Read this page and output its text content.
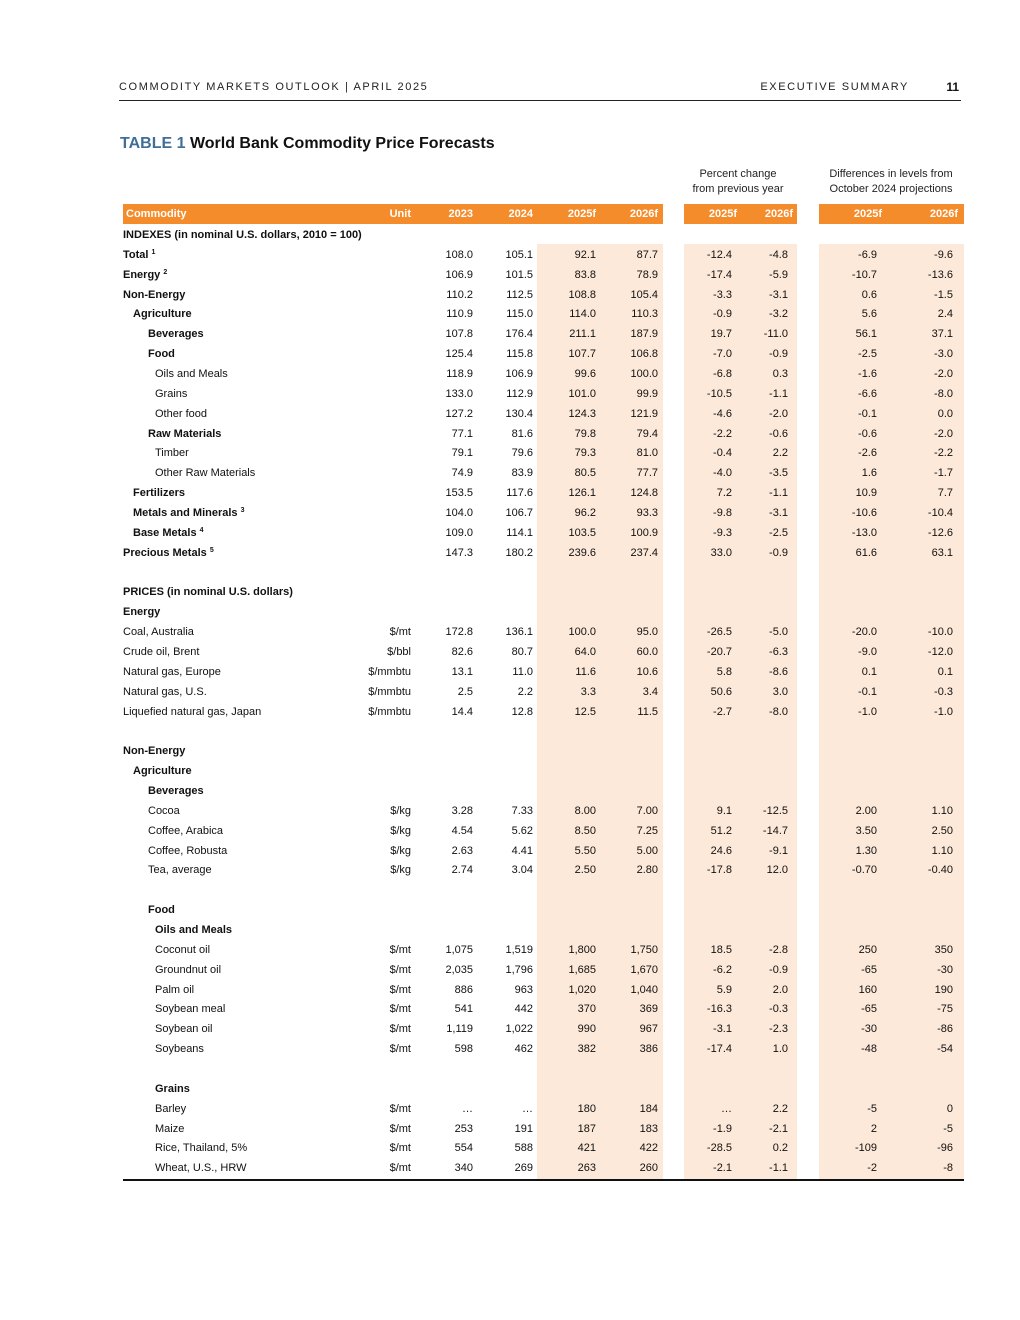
COMMODITY MARKETS OUTLOOK | APRIL 2025	EXECUTIVE SUMMARY	11
TABLE 1 World Bank Commodity Price Forecasts
Percent change
from previous year
Differences in levels from
October 2024 projections
Commodity	Unit	2023	2024	2025f	2026f	2025f	2026f	2025f	2026f
INDEXES (in nominal U.S. dollars, 2010 = 100)										
Total $^1$		108.0	105.1	92.1	87.7	-12.4	-4.8	-6.9	-9.6	
Energy $^2$		106.9	101.5	83.8	78.9	-17.4	-5.9	-10.7	-13.6	
Non-Energy		110.2	112.5	108.8	105.4	-3.3	-3.1	0.6	-1.5	
Agriculture		110.9	115.0	114.0	110.3	-0.9	-3.2	5.6	2.4	
Beverages		107.8	176.4	211.1	187.9	19.7	-11.0	56.1	37.1	
Food		125.4	115.8	107.7	106.8	-7.0	-0.9	-2.5	-3.0	
Oils and Meals		118.9	106.9	99.6	100.0	-6.8	0.3	-1.6	-2.0	
Grains		133.0	112.9	101.0	99.9	-10.5	-1.1	-6.6	-8.0	
Other food		127.2	130.4	124.3	121.9	-4.6	-2.0	-0.1	0.0	
Raw Materials		77.1	81.6	79.8	79.4	-2.2	-0.6	-0.6	-2.0	
Timber		79.1	79.6	79.3	81.0	-0.4	2.2	-2.6	-2.2	
Other Raw Materials		74.9	83.9	80.5	77.7	-4.0	-3.5	1.6	-1.7	
Fertilizers		153.5	117.6	126.1	124.8	7.2	-1.1	10.9	7.7	
Metals and Minerals $^3$		104.0	106.7	96.2	93.3	-9.8	-3.1	-10.6	-10.4	
Base Metals $^4$		109.0	114.1	103.5	100.9	-9.3	-2.5	-13.0	-12.6	
Precious Metals $^5$		147.3	180.2	239.6	237.4	33.0	-0.9	61.6	63.1	

PRICES (in nominal U.S. dollars)										
Energy										
Coal, Australia	$/mt	172.8	136.1	100.0	95.0	-26.5	-5.0	-20.0	-10.0	
Crude oil, Brent	$/bbl	82.6	80.7	64.0	60.0	-20.7	-6.3	-9.0	-12.0	
Natural gas, Europe	$/mmbtu	13.1	11.0	11.6	10.6	5.8	-8.6	0.1	0.1	
Natural gas, U.S.	$/mmbtu	2.5	2.2	3.3	3.4	50.6	3.0	-0.1	-0.3	
Liquefied natural gas, Japan	$/mmbtu	14.4	12.8	12.5	11.5	-2.7	-8.0	-1.0	-1.0	

Non-Energy										
Agriculture										
Beverages										
Cocoa	$/kg	3.28	7.33	8.00	7.00	9.1	-12.5	2.00	1.10	
Coffee, Arabica	$/kg	4.54	5.62	8.50	7.25	51.2	-14.7	3.50	2.50	
Coffee, Robusta	$/kg	2.63	4.41	5.50	5.00	24.6	-9.1	1.30	1.10	
Tea, average	$/kg	2.74	3.04	2.50	2.80	-17.8	12.0	-0.70	-0.40	

Food										
Oils and Meals										
Coconut oil	$/mt	1,075	1,519	1,800	1,750	18.5	-2.8	250	350	
Groundnut oil	$/mt	2,035	1,796	1,685	1,670	-6.2	-0.9	-65	-30	
Palm oil	$/mt	886	963	1,020	1,040	5.9	2.0	160	190	
Soybean meal	$/mt	541	442	370	369	-16.3	-0.3	-65	-75	
Soybean oil	$/mt	1,119	1,022	990	967	-3.1	-2.3	-30	-86	
Soybeans	$/mt	598	462	382	386	-17.4	1.0	-48	-54	

Grains										
Barley	$/mt	…	…	180	184	…	2.2	-5	0	
Maize	$/mt	253	191	187	183	-1.9	-2.1	2	-5	
Rice, Thailand, 5%	$/mt	554	588	421	422	-28.5	0.2	-109	-96	
Wheat, U.S., HRW	$/mt	340	269	263	260	-2.1	-1.1	-2	-8	
